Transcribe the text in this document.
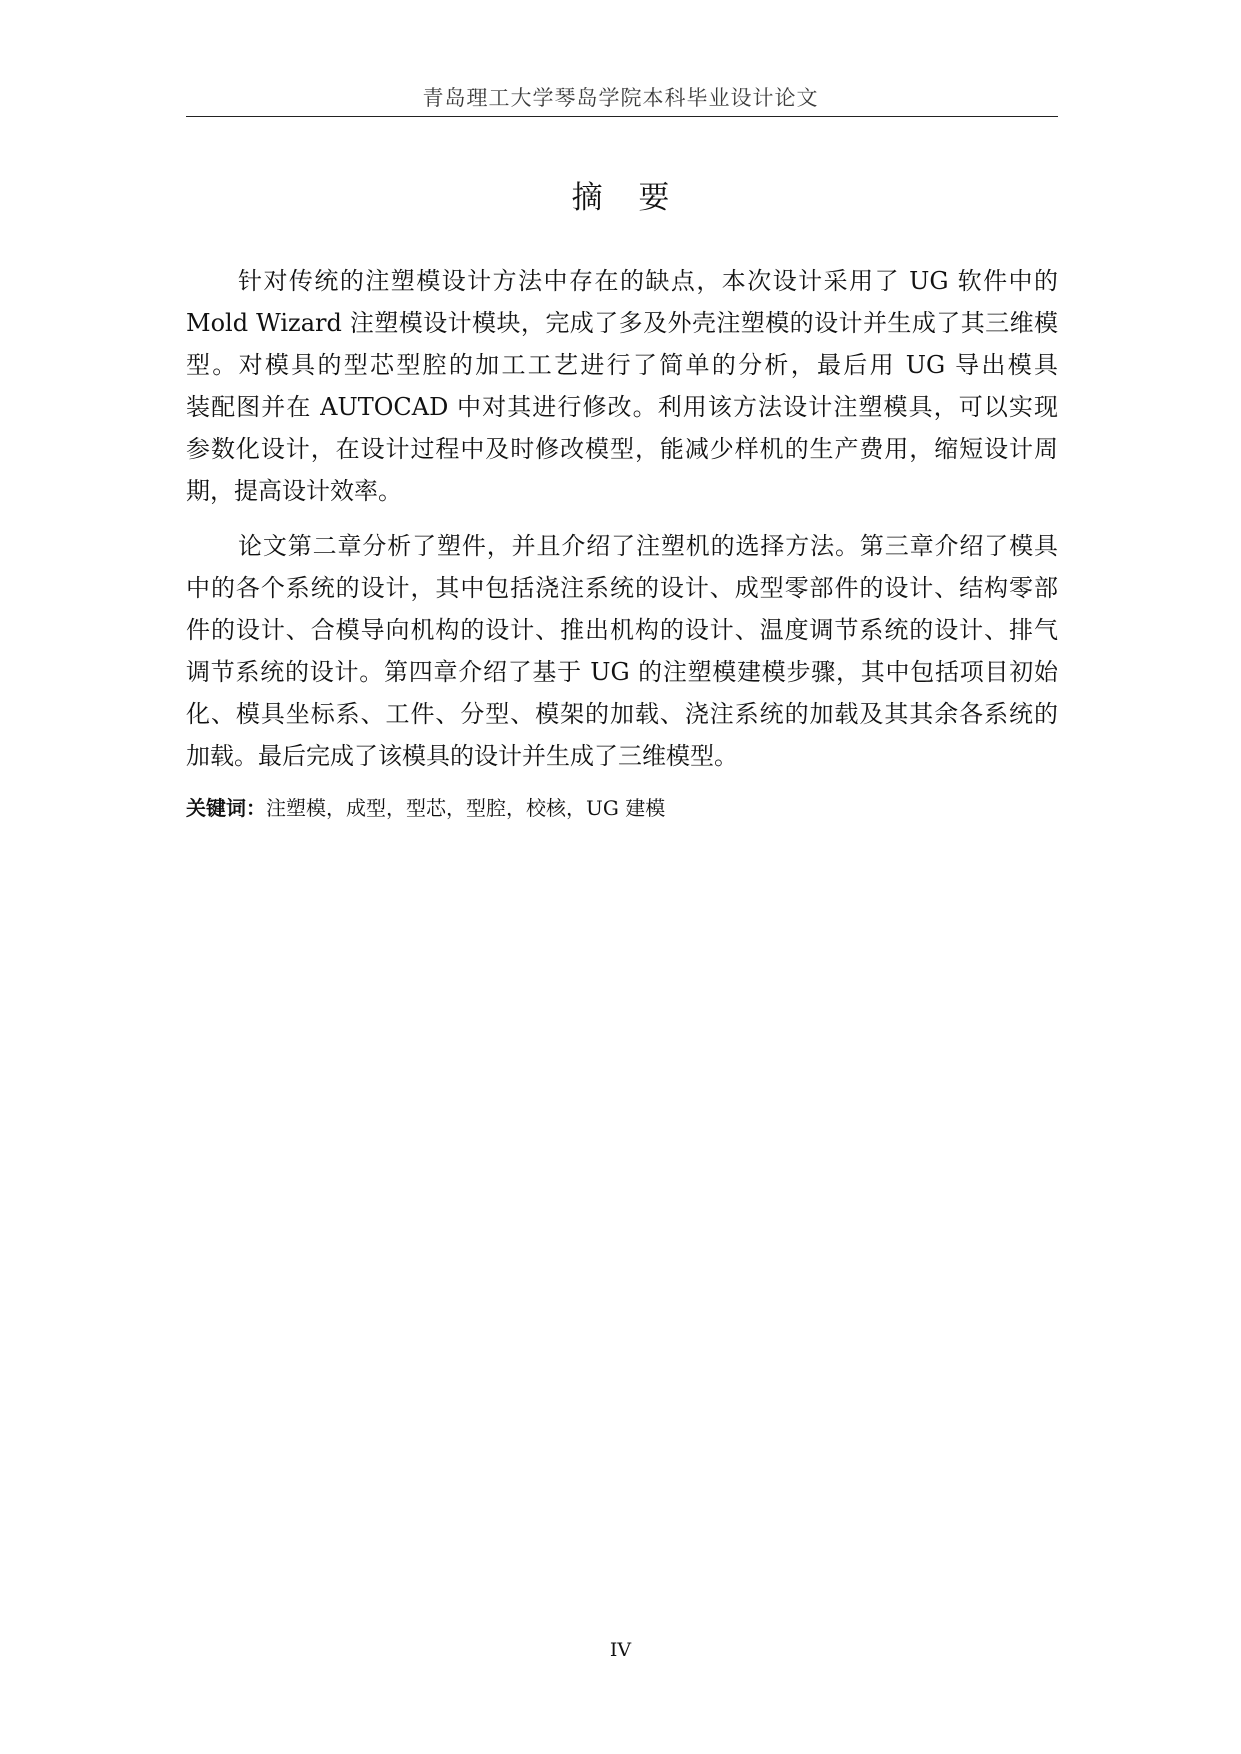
青岛理工大学琴岛学院本科毕业设计论文
摘 要
针对传统的注塑模设计方法中存在的缺点，本次设计采用了 UG 软件中的
Mold Wizard 注塑模设计模块，完成了多及外壳注塑模的设计并生成了其三维模
型。对模具的型芯型腔的加工工艺进行了简单的分析，最后用 UG 导出模具
装配图并在 AUTOCAD 中对其进行修改。利用该方法设计注塑模具，可以实现
参数化设计，在设计过程中及时修改模型，能减少样机的生产费用，缩短设计周
期，提高设计效率。
论文第二章分析了塑件，并且介绍了注塑机的选择方法。第三章介绍了模具
中的各个系统的设计，其中包括浇注系统的设计、成型零部件的设计、结构零部
件的设计、合模导向机构的设计、推出机构的设计、温度调节系统的设计、排气
调节系统的设计。第四章介绍了基于 UG 的注塑模建模步骤，其中包括项目初始
化、模具坐标系、工件、分型、模架的加载、浇注系统的加载及其其余各系统的
加载。最后完成了该模具的设计并生成了三维模型。
关键词：注塑模，成型，型芯，型腔，校核，UG 建模
IV
